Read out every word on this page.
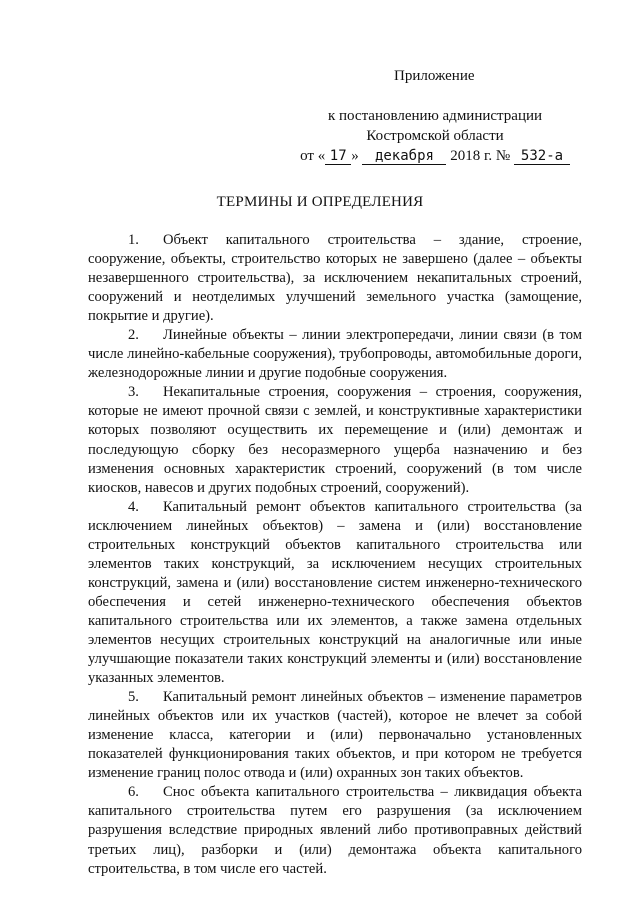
Приложение
к постановлению администрации
Костромской области
от « 17 » декабря 2018 г. № 532-а
ТЕРМИНЫ И ОПРЕДЕЛЕНИЯ

1. Объект капитального строительства – здание, строение, сооружение, объекты, строительство которых не завершено (далее – объекты незавершенного строительства), за исключением некапитальных строений, сооружений и неотделимых улучшений земельного участка (замощение, покрытие и другие).

2. Линейные объекты – линии электропередачи, линии связи (в том числе линейно-кабельные сооружения), трубопроводы, автомобильные дороги, железнодорожные линии и другие подобные сооружения.

3. Некапитальные строения, сооружения – строения, сооружения, которые не имеют прочной связи с землей, и конструктивные характеристики которых позволяют осуществить их перемещение и (или) демонтаж и последующую сборку без несоразмерного ущерба назначению и без изменения основных характеристик строений, сооружений (в том числе киосков, навесов и других подобных строений, сооружений).

4. Капитальный ремонт объектов капитального строительства (за исключением линейных объектов) – замена и (или) восстановление строительных конструкций объектов капитального строительства или элементов таких конструкций, за исключением несущих строительных конструкций, замена и (или) восстановление систем инженерно-технического обеспечения и сетей инженерно-технического обеспечения объектов капитального строительства или их элементов, а также замена отдельных элементов несущих строительных конструкций на аналогичные или иные улучшающие показатели таких конструкций элементы и (или) восстановление указанных элементов.

5. Капитальный ремонт линейных объектов – изменение параметров линейных объектов или их участков (частей), которое не влечет за собой изменение класса, категории и (или) первоначально установленных показателей функционирования таких объектов, и при котором не требуется изменение границ полос отвода и (или) охранных зон таких объектов.

6. Снос объекта капитального строительства – ликвидация объекта капитального строительства путем его разрушения (за исключением разрушения вследствие природных явлений либо противоправных действий третьих лиц), разборки и (или) демонтажа объекта капитального строительства, в том числе его частей.
